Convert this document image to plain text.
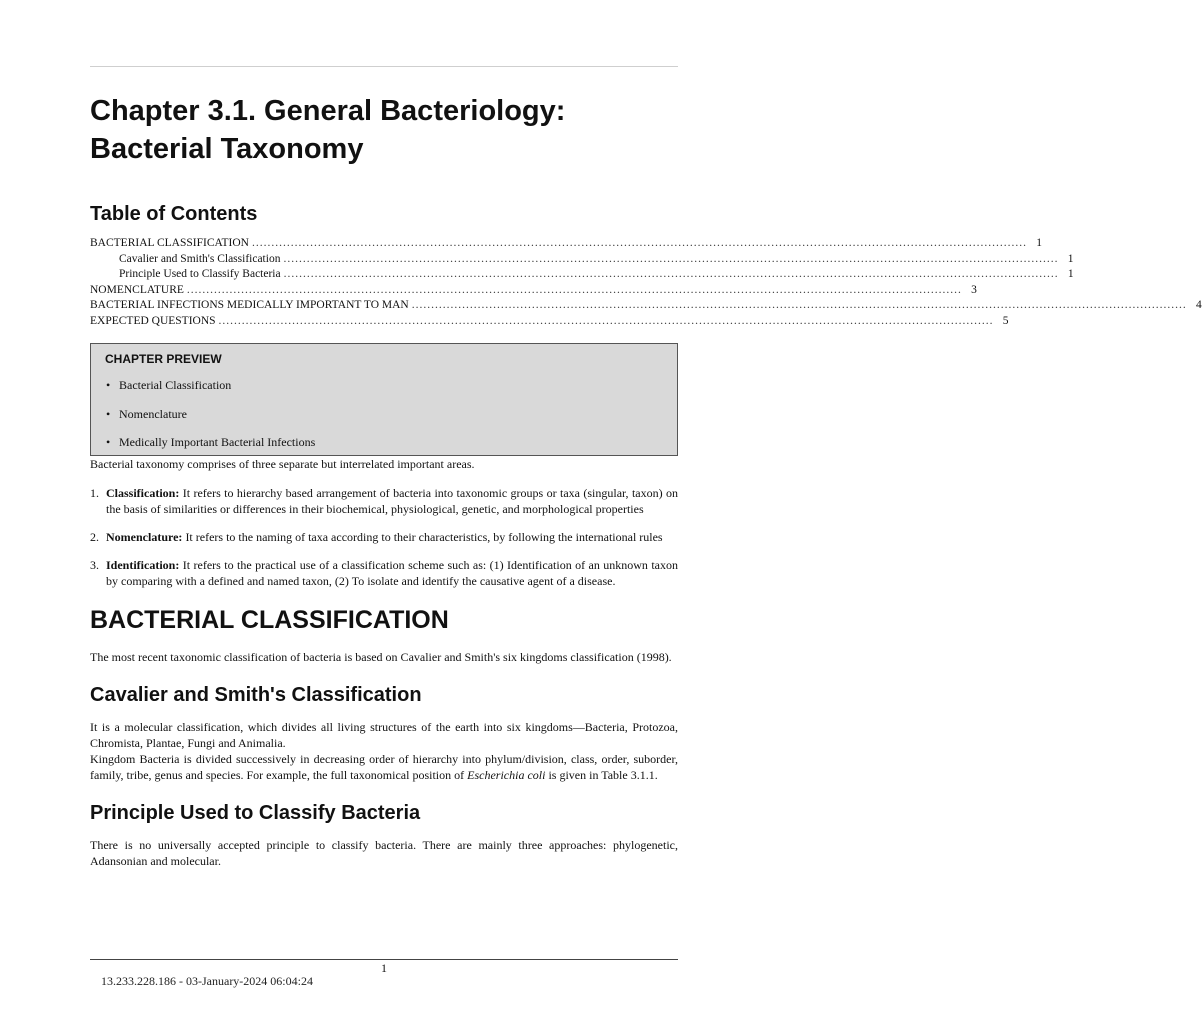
Chapter 3.1. General Bacteriology: Bacterial Taxonomy
Table of Contents
BACTERIAL CLASSIFICATION ........................................................................................................................................................................................................ 1
Cavalier and Smith's Classification ........................................................................................................................................................................................................ 1
Principle Used to Classify Bacteria ........................................................................................................................................................................................................ 1
NOMENCLATURE ........................................................................................................................................................................................................ 3
BACTERIAL INFECTIONS MEDICALLY IMPORTANT TO MAN ........................................................................................................................................................................................................ 4
EXPECTED QUESTIONS ........................................................................................................................................................................................................ 5
CHAPTER PREVIEW
• Bacterial Classification
• Nomenclature
• Medically Important Bacterial Infections

Bacterial taxonomy comprises of three separate but interrelated important areas.

1. Classification: It refers to hierarchy based arrangement of bacteria into taxonomic groups or taxa (singular, taxon) on the basis of similarities or differences in their biochemical, physiological, genetic, and morphological properties
2. Nomenclature: It refers to the naming of taxa according to their characteristics, by following the international rules
3. Identification: It refers to the practical use of a classification scheme such as: (1) Identification of an unknown taxon by comparing with a defined and named taxon, (2) To isolate and identify the causative agent of a disease.
BACTERIAL CLASSIFICATION

The most recent taxonomic classification of bacteria is based on Cavalier and Smith's six kingdoms classification (1998).

Cavalier and Smith's Classification

It is a molecular classification, which divides all living structures of the earth into six kingdoms—Bacteria, Protozoa, Chromista, Plantae, Fungi and Animalia.

Kingdom Bacteria is divided successively in decreasing order of hierarchy into phylum/division, class, order, suborder, family, tribe, genus and species. For example, the full taxonomical position of Escherichia coli is given in Table 3.1.1.

Principle Used to Classify Bacteria

There is no universally accepted principle to classify bacteria. There are mainly three approaches: phylogenetic, Adansonian and molecular.

1
13.233.228.186 - 03-January-2024 06:04:24
